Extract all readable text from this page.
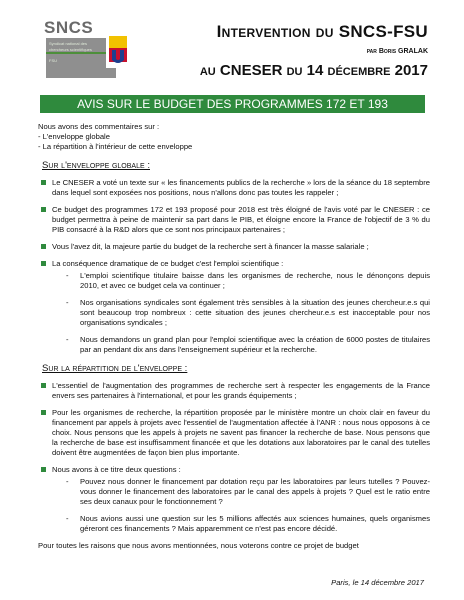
SNCS
Syndicat national des
chercheurs scientifiques
FSU
Intervention du SNCS-FSU
par Boris GRALAK
au CNESER du 14 décembre 2017
AVIS SUR LE BUDGET DES PROGRAMMES 172 ET 193

Nous avons des commentaires sur :

- L'enveloppe globale

- La répartition à l'intérieur de cette enveloppe

Sur l'enveloppe globale :
Le CNESER a voté un texte sur « les financements publics de la recherche » lors de la séance du 18 septembre dans lequel sont exposées nos positions, nous n'allons donc pas toutes les rappeler ;
Ce budget des programmes 172 et 193 proposé pour 2018 est très éloigné de l'avis voté par le CNESER : ce budget permettra à peine de maintenir sa part dans le PIB, et éloigne encore la France de l'objectif de 3 % du PIB consacré à la R&D alors que ce sont nos principaux partenaires ;
Vous l'avez dit, la majeure partie du budget de la recherche sert à financer la masse salariale ;
La conséquence dramatique de ce budget c'est l'emploi scientifique :
- L'emploi scientifique titulaire baisse dans les organismes de recherche, nous le dénonçons depuis 2010, et avec ce budget cela va continuer ;
- Nos organisations syndicales sont également très sensibles à la situation des jeunes chercheur.e.s qui sont beaucoup trop nombreux : cette situation des jeunes chercheur.e.s est inacceptable pour nos organisations syndicales ;
- Nous demandons un grand plan pour l'emploi scientifique avec la création de 6000 postes de titulaires par an pendant dix ans dans l'enseignement supérieur et la recherche.
Sur la répartition de l'enveloppe :
L'essentiel de l'augmentation des programmes de recherche sert à respecter les engagements de la France envers ses partenaires à l'international, et pour les grands équipements ;
Pour les organismes de recherche, la répartition proposée par le ministère montre un choix clair en faveur du financement par appels à projets avec l'essentiel de l'augmentation affectée à l'ANR : nous nous opposons à ce choix. Nous pensons que les appels à projets ne savent pas financer la recherche de base. Nous pensons que la recherche de base est insuffisamment financée et que les dotations aux laboratoires par le canal des tutelles doivent être augmentées de façon bien plus importante.
Nous avons à ce titre deux questions :
- Pouvez nous donner le financement par dotation reçu par les laboratoires par leurs tutelles ? Pouvez-vous donner le financement des laboratoires par le canal des appels à projets ? Quel est le ratio entre ses deux canaux pour le fonctionnement ?
- Nous avions aussi une question sur les 5 millions affectés aux sciences humaines, quels organismes géreront ces financements ? Mais apparemment ce n'est pas encore décidé.

Pour toutes les raisons que nous avons mentionnées, nous voterons contre ce projet de budget

Paris, le 14 décembre 2017
